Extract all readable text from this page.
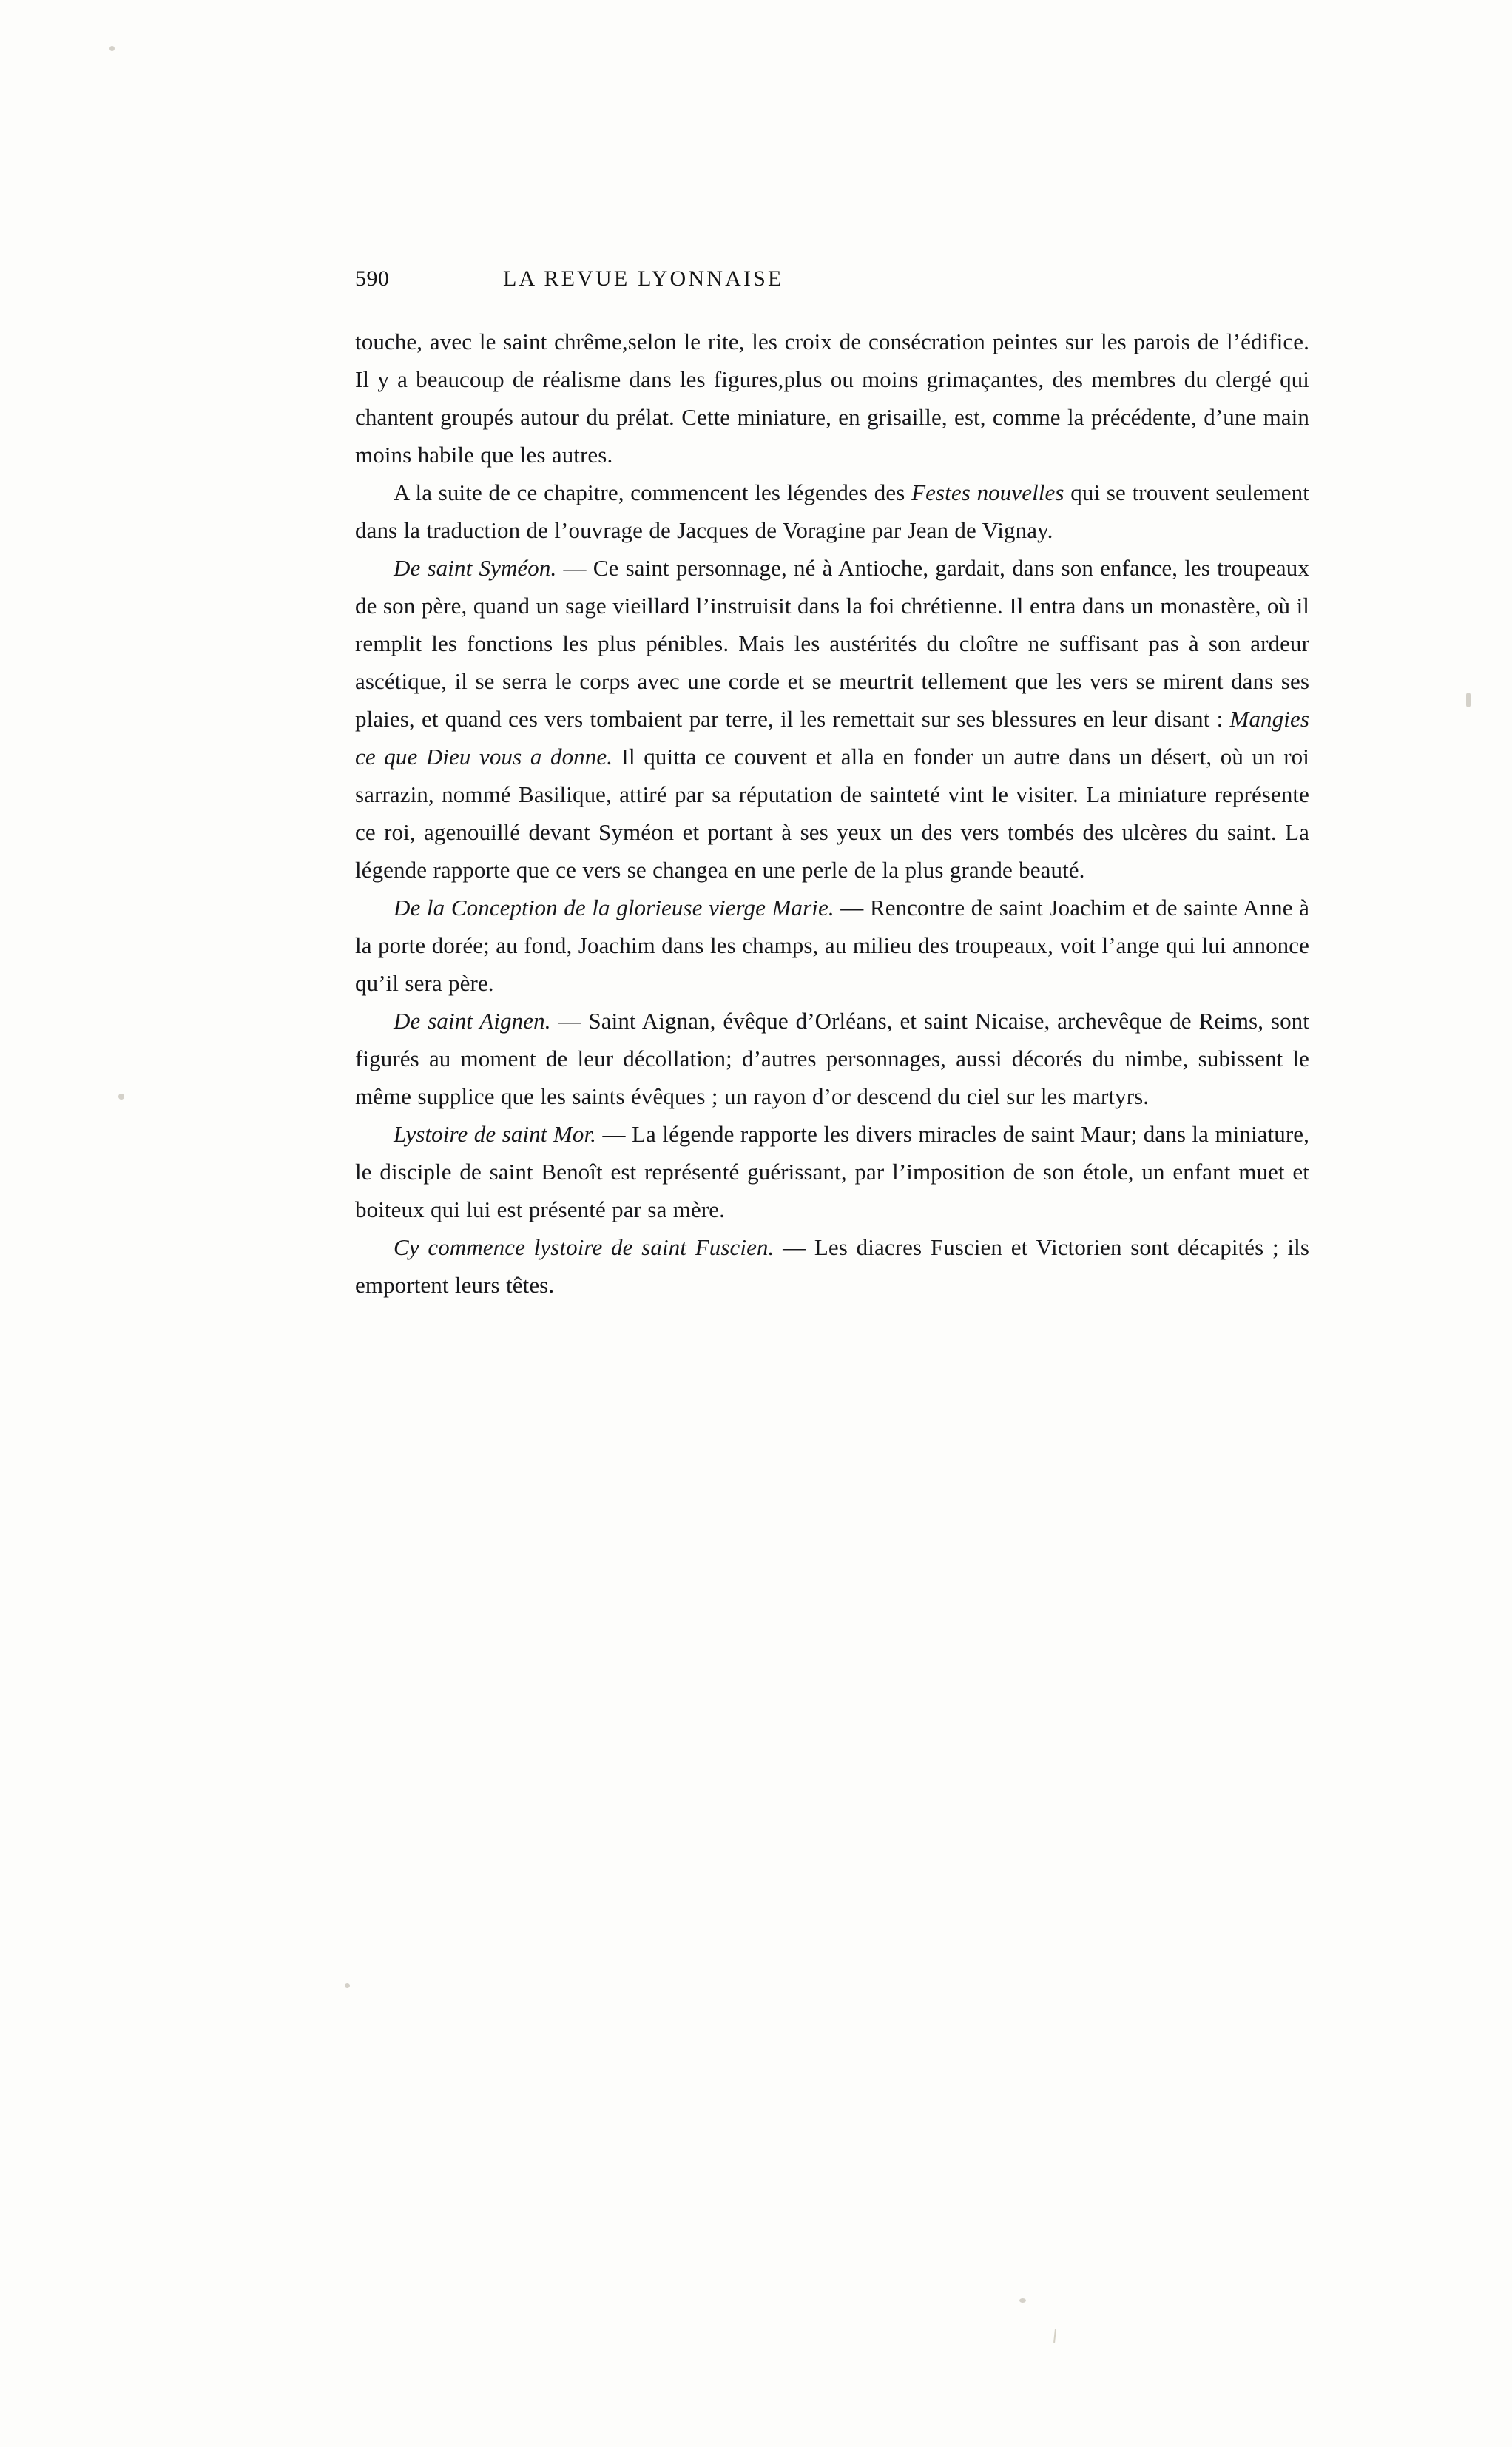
590	LA REVUE LYONNAISE

touche, avec le saint chrême,selon le rite, les croix de consécration peintes sur les parois de l’édifice. Il y a beaucoup de réalisme dans les figures,plus ou moins grimaçantes, des membres du clergé qui chantent groupés autour du prélat. Cette miniature, en grisaille, est, comme la précédente, d’une main moins habile que les autres.

A la suite de ce chapitre, commencent les légendes des Festes nouvelles qui se trouvent seulement dans la traduction de l’ouvrage de Jacques de Voragine par Jean de Vignay.

De saint Syméon. — Ce saint personnage, né à Antioche, gardait, dans son enfance, les troupeaux de son père, quand un sage vieillard l’instruisit dans la foi chrétienne. Il entra dans un monastère, où il remplit les fonctions les plus pénibles. Mais les austérités du cloître ne suffisant pas à son ardeur ascétique, il se serra le corps avec une corde et se meurtrit tellement que les vers se mirent dans ses plaies, et quand ces vers tombaient par terre, il les remettait sur ses blessures en leur disant : Mangies ce que Dieu vous a donne. Il quitta ce couvent et alla en fonder un autre dans un désert, où un roi sarrazin, nommé Basilique, attiré par sa réputation de sainteté vint le visiter. La miniature représente ce roi, agenouillé devant Syméon et portant à ses yeux un des vers tombés des ulcères du saint. La légende rapporte que ce vers se changea en une perle de la plus grande beauté.

De la Conception de la glorieuse vierge Marie. — Rencontre de saint Joachim et de sainte Anne à la porte dorée; au fond, Joachim dans les champs, au milieu des troupeaux, voit l’ange qui lui annonce qu’il sera père.

De saint Aignen. — Saint Aignan, évêque d’Orléans, et saint Nicaise, archevêque de Reims, sont figurés au moment de leur décollation; d’autres personnages, aussi décorés du nimbe, subissent le même supplice que les saints évêques ; un rayon d’or descend du ciel sur les martyrs.

Lystoire de saint Mor. — La légende rapporte les divers miracles de saint Maur; dans la miniature, le disciple de saint Benoît est représenté guérissant, par l’imposition de son étole, un enfant muet et boiteux qui lui est présenté par sa mère.

Cy commence lystoire de saint Fuscien. — Les diacres Fuscien et Victorien sont décapités ; ils emportent leurs têtes.
